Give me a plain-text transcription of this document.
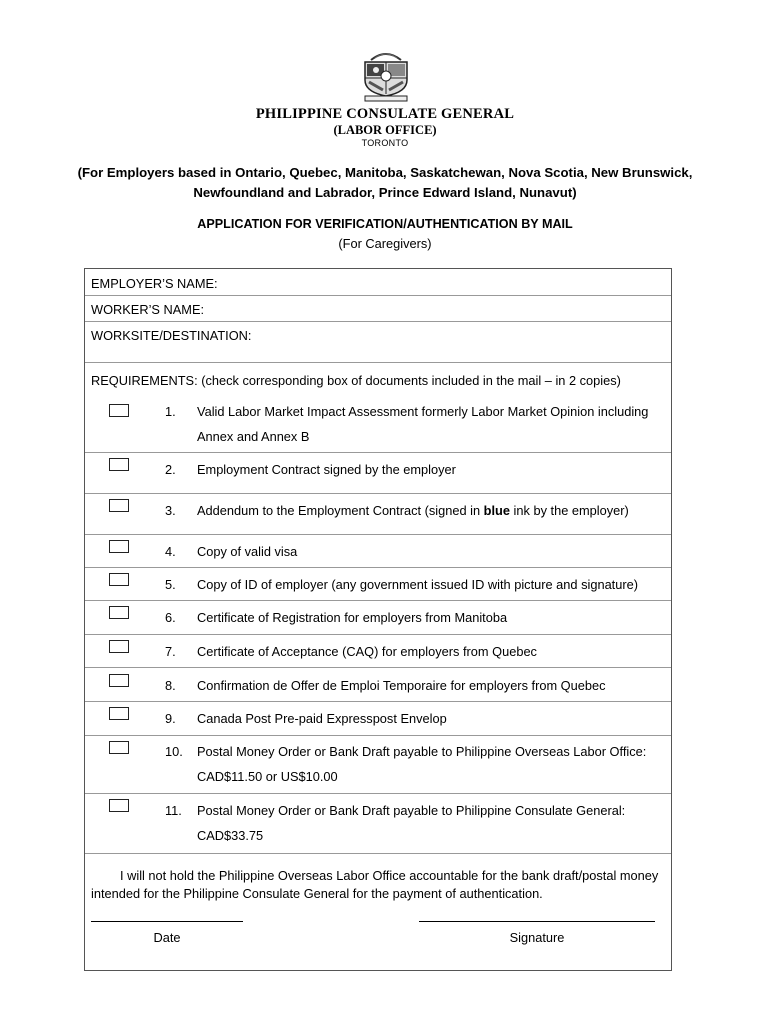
PHILIPPINE CONSULATE GENERAL
(LABOR OFFICE)
TORONTO
(For Employers based in Ontario, Quebec, Manitoba, Saskatchewan, Nova Scotia, New Brunswick,
Newfoundland and Labrador, Prince Edward Island, Nunavut)
APPLICATION FOR VERIFICATION/AUTHENTICATION BY MAIL
(For Caregivers)
EMPLOYER’S NAME:
WORKER’S NAME:
WORKSITE/DESTINATION:
REQUIREMENTS: (check corresponding box of documents included in the mail – in 2 copies)
1. Valid Labor Market Impact Assessment formerly Labor Market Opinion including
Annex and Annex B
2. Employment Contract signed by the employer
3. Addendum to the Employment Contract (signed in blue ink by the employer)
4. Copy of valid visa
5. Copy of ID of employer (any government issued ID with picture and signature)
6. Certificate of Registration for employers from Manitoba
7. Certificate of Acceptance (CAQ) for employers from Quebec
8. Confirmation de Offer de Emploi Temporaire for employers from Quebec
9. Canada Post Pre-paid Expresspost Envelop
10. Postal Money Order or Bank Draft payable to Philippine Overseas Labor Office:
CAD$11.50 or US$10.00
11. Postal Money Order or Bank Draft payable to Philippine Consulate General:
CAD$33.75
I will not hold the Philippine Overseas Labor Office accountable for the bank draft/postal money
intended for the Philippine Consulate General for the payment of authentication.
Date	Signature
